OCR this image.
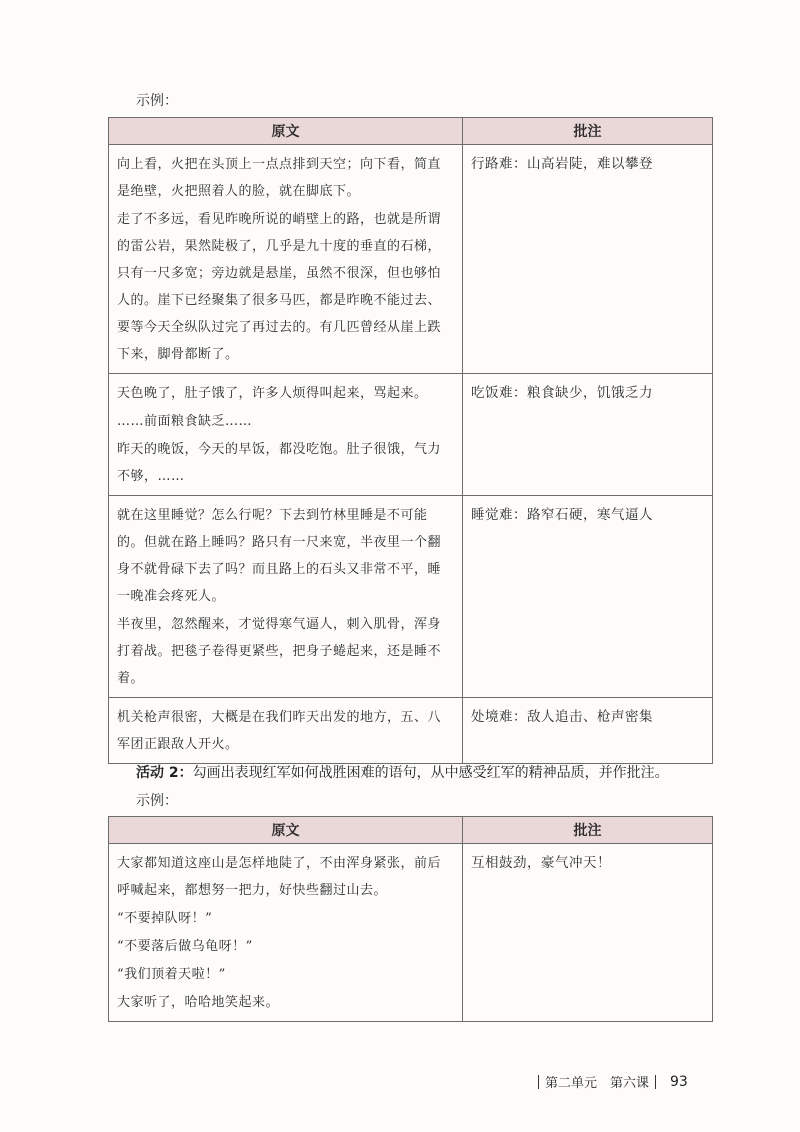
示例：
原文	批注

向上看，火把在头顶上一点点排到天空；向下看，简直是绝壁，火把照着人的脸，就在脚底下。

走了不多远，看见昨晚所说的峭壁上的路，也就是所谓的雷公岩，果然陡极了，几乎是九十度的垂直的石梯，只有一尺多宽；旁边就是悬崖，虽然不很深，但也够怕人的。崖下已经聚集了很多马匹，都是昨晚不能过去、要等今天全纵队过完了再过去的。有几匹曾经从崖上跌下来，脚骨都断了。	行路难：山高岩陡，难以攀登

天色晚了，肚子饿了，许多人烦得叫起来，骂起来。

……前面粮食缺乏……

昨天的晚饭，今天的早饭，都没吃饱。肚子很饿，气力不够，……	吃饭难：粮食缺少，饥饿乏力

就在这里睡觉？怎么行呢？下去到竹林里睡是不可能的。但就在路上睡吗？路只有一尺来宽，半夜里一个翻身不就骨碌下去了吗？而且路上的石头又非常不平，睡一晚准会疼死人。

半夜里，忽然醒来，才觉得寒气逼人，刺入肌骨，浑身打着战。把毯子卷得更紧些，把身子蜷起来，还是睡不着。	睡觉难：路窄石硬，寒气逼人

机关枪声很密，大概是在我们昨天出发的地方，五、八军团正跟敌人开火。	处境难：敌人追击、枪声密集
活动 2：勾画出表现红军如何战胜困难的语句，从中感受红军的精神品质，并作批注。
示例：
原文	批注

大家都知道这座山是怎样地陡了，不由浑身紧张，前后呼喊起来，都想努一把力，好快些翻过山去。

“不要掉队呀！”

“不要落后做乌龟呀！”

“我们顶着天啦！”

大家听了，哈哈地笑起来。	互相鼓劲，豪气冲天！
第二单元　第六课 93
